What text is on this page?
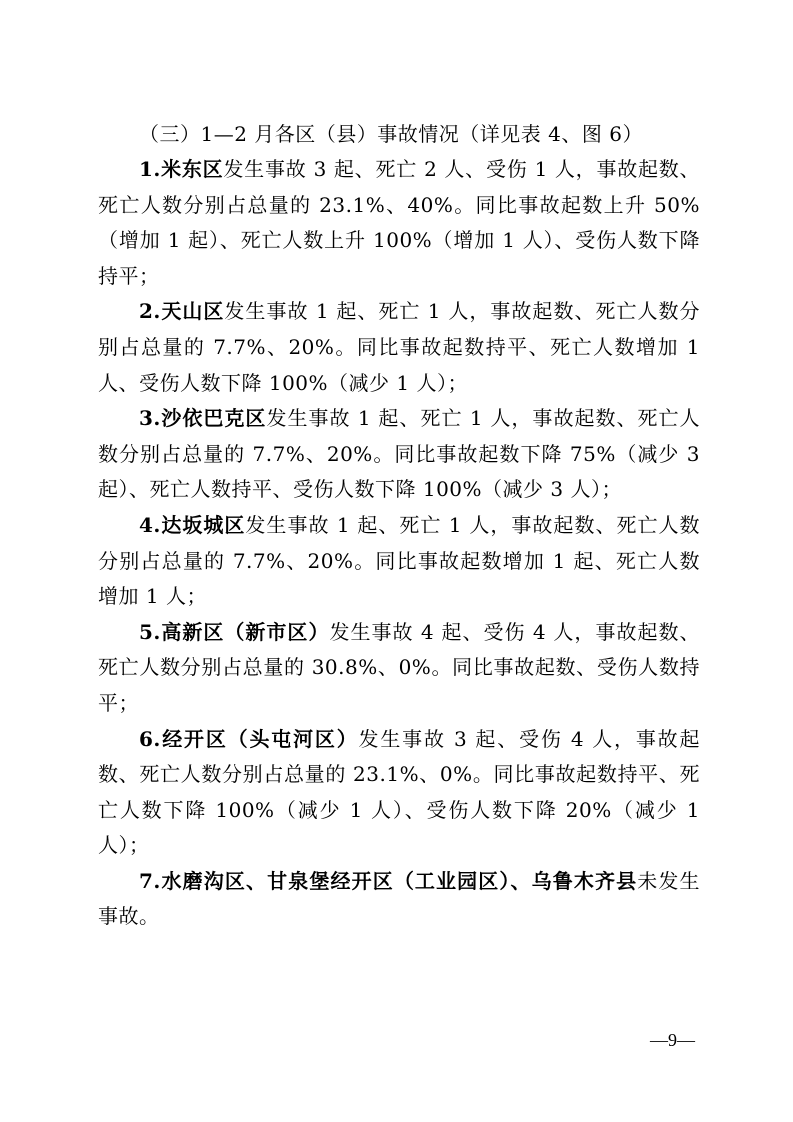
（三）1—2 月各区（县）事故情况（详见表 4、图 6）

1.米东区发生事故 3 起、死亡 2 人、受伤 1 人，事故起数、死亡人数分别占总量的 23.1%、40%。同比事故起数上升 50%（增加 1 起）、死亡人数上升 100%（增加 1 人）、受伤人数下降持平；

2.天山区发生事故 1 起、死亡 1 人，事故起数、死亡人数分别占总量的 7.7%、20%。同比事故起数持平、死亡人数增加 1 人、受伤人数下降 100%（减少 1 人）；

3.沙依巴克区发生事故 1 起、死亡 1 人，事故起数、死亡人数分别占总量的 7.7%、20%。同比事故起数下降 75%（减少 3 起）、死亡人数持平、受伤人数下降 100%（减少 3 人）；

4.达坂城区发生事故 1 起、死亡 1 人，事故起数、死亡人数分别占总量的 7.7%、20%。同比事故起数增加 1 起、死亡人数增加 1 人；

5.高新区（新市区）发生事故 4 起、受伤 4 人，事故起数、死亡人数分别占总量的 30.8%、0%。同比事故起数、受伤人数持平；

6.经开区（头屯河区）发生事故 3 起、受伤 4 人，事故起数、死亡人数分别占总量的 23.1%、0%。同比事故起数持平、死亡人数下降 100%（减少 1 人）、受伤人数下降 20%（减少 1 人）；

7.水磨沟区、甘泉堡经开区（工业园区）、乌鲁木齐县未发生事故。

—9—
